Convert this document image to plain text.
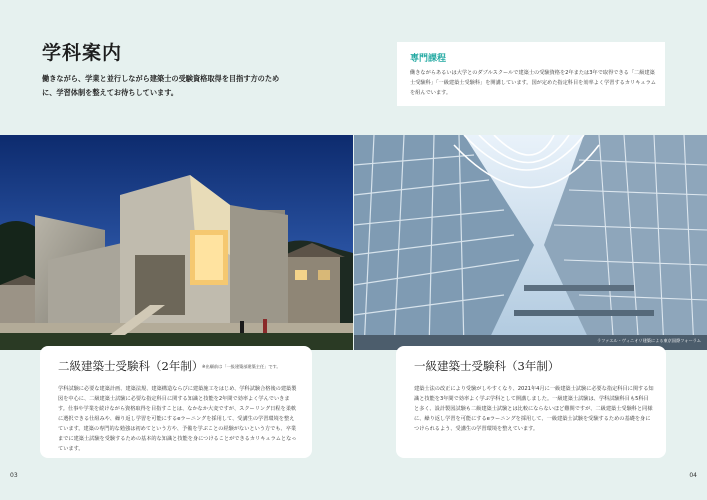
学科案内
働きながら、学業と並行しながら建築士の受験資格取得を目指す方のために、学習体制を整えてお待ちしています。
専門課程
働きながらあるいは大学とのダブルスクールで建築士の受験資格を2年または3年で取得できる「二級建築士受験科」「一級建築士受験科」を開講しています。国が定めた指定科目を効率よく学習するカリキュラムを組んでいます。
ラファエル・ヴィニオリ建築による東京国際フォーラム
二級建築士受験科（2年制）
※出願前は「一級建築部建築主任」です。
学科試験に必要な建築計画、建築法規、建築構造ならびに建築施工をはじめ、学科試験合格後の建築製図を中心に、二級建築士試験に必要な指定科目に関する知識と技能を2年間で効率よく学んでいきます。仕事や学業を続けながら資格取得を目指すことは、なかなか大変ですが、スクーリング日程を柔軟に選択できる仕組みや、繰り返し学習を可能にするeラーニングを採用して、受講生の学習環境を整えています。建築の専門的な勉強は初めてという方や、予備を学ぶことの経験がないという方でも、卒業までに建築士試験を受験するための基本的な知識と技能を身につけることができるカリキュラムとなっています。
一級建築士受験科（3年制）
建築士法の改正により受験がしやすくなり、2021年4月に一級建築士試験に必要な指定科目に関する知識と技能を3年間で効率よく学ぶ学科として開講しました。一級建築士試験は、学科試験科目も5科目と多く、設計製図試験も二級建築士試験とは比較にならないほど難関ですが、二級建築士受験科と同様に、繰り返し学習を可能にするeラーニングを採用して、一級建築士試験を受験するための基礎を身につけられるよう、受講生の学習環境を整えています。
03	04
